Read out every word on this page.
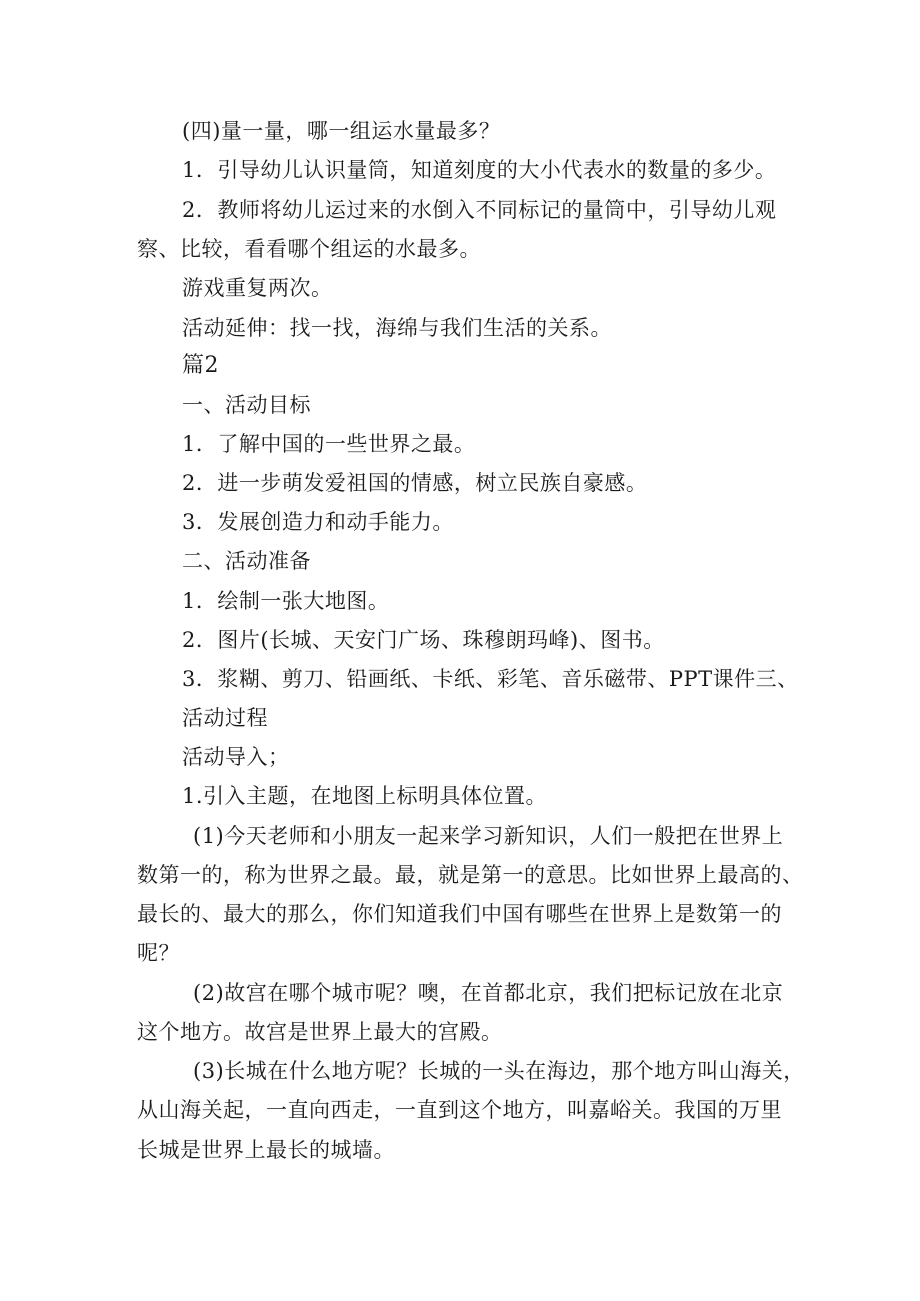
(四)量一量，哪一组运水量最多？

1．引导幼儿认识量筒，知道刻度的大小代表水的数量的多少。

2．教师将幼儿运过来的水倒入不同标记的量筒中，引导幼儿观

察、比较，看看哪个组运的水最多。

游戏重复两次。

活动延伸：找一找，海绵与我们生活的关系。

篇2

一、活动目标

1．了解中国的一些世界之最。

2．进一步萌发爱祖国的情感，树立民族自豪感。

3．发展创造力和动手能力。

二、活动准备

1．绘制一张大地图。

2．图片(长城、天安门广场、珠穆朗玛峰)、图书。

3．浆糊、剪刀、铅画纸、卡纸、彩笔、音乐磁带、PPT课件三、

活动过程

活动导入；

1.引入主题，在地图上标明具体位置。

(1)今天老师和小朋友一起来学习新知识，人们一般把在世界上

数第一的，称为世界之最。最，就是第一的意思。比如世界上最高的、

最长的、最大的那么，你们知道我们中国有哪些在世界上是数第一的

呢？

(2)故宫在哪个城市呢？噢，在首都北京，我们把标记放在北京

这个地方。故宫是世界上最大的宫殿。

(3)长城在什么地方呢？长城的一头在海边，那个地方叫山海关，

从山海关起，一直向西走，一直到这个地方，叫嘉峪关。我国的万里

长城是世界上最长的城墙。
